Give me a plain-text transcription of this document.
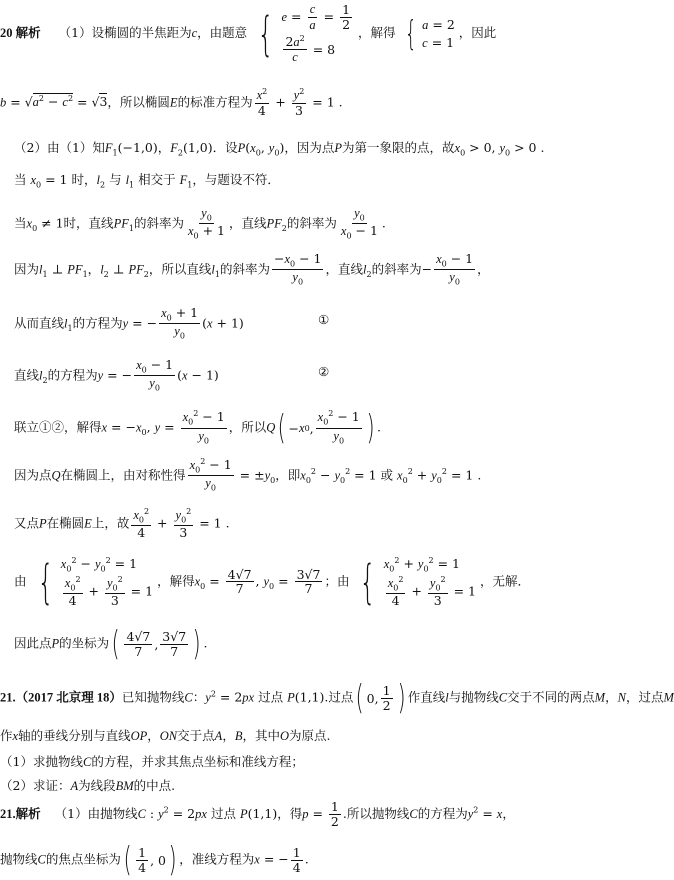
20 解析 （1）设椭圆的半焦距为c，由题意 { $e = \frac{c}{a} = \frac{1}{2}$
$\frac{2a^2}{c} = 8$
，解得 { a = 2
c = 1
，因此
$b = √a^2 - c^2 = √3$，所以椭圆E的标准方程为 $\frac{x^2}{4} + \frac{y^2}{3} = 1$ .
（2）由（1）知$F_1(-1,0)$，$F_2(1,0)$．设$P(x_0$, $y_0$)，因为点P为第一象限的点，故$x_0 > 0$, $y_0 > 0$ .
当 $x_0 = 1$ 时，$l_2$ 与 $l_1$ 相交于 $F_1$，与题设不符．
当$x_0 \ne 1$时，直线$PF_1$的斜率为 $\frac{y_0}{x_0 + 1}$ ，直线$PF_2$的斜率为 $\frac{y_0}{x_0 - 1}$ .
因为$l_1$ ⊥ $PF_1$，$l_2$ ⊥ $PF_2$，所以直线$l_1$的斜率为 $\frac{-x_0 - 1}{y_0}$ ，直线$l_2$的斜率为− $\frac{x_0 - 1}{y_0}$ ，
从而直线$l_1$的方程为y = − $\frac{x_0 + 1}{y_0} (x + 1)$	①
直线$l_2$的方程为y = − $\frac{x_0 - 1}{y_0} (x - 1)$	②
联立①②，解得$x = -x_0$, $y = \frac{x_0^2 - 1}{y_0}$ ，所以Q ( − x 0 , $\frac{x_0^2 - 1}{y_0}$ ) .
因为点Q在椭圆上，由对称性得 $\frac{x_0^2 - 1}{y_0} = \pm y_0$，即$x_0^2 - y_0^2 = 1$ 或 $x_0^2 + y_0^2 = 1$ .
又点P在椭圆E上，故 $\frac{x_0^2}{4} + \frac{y_0^2}{3} = 1$ .
由 { $x_0^2 - y_0^2 = 1$
$\frac{x_0^2}{4} + \frac{y_0^2}{3} = 1$
，解得$x_0 = \frac{4√7}{7}$ , $y_0 = \frac{3√7}{7}$ ；由 { $x_0^2 + y_0^2 = 1$
$\frac{x_0^2}{4} + \frac{y_0^2}{3} = 1$
，无解．
因此点P的坐标为 ( $\frac{4√7}{7}$ , $\frac{3√7}{7}$ ) .
21.（2017 北京理 18）已知抛物线C：$y^2 = 2px$ 过点 P(1,1).过点 ( 0, $\frac{1}{2}$ ) 作直线l与抛物线C交于不同的两点M，N，过点M
作x轴的垂线分别与直线OP，ON交于点A，B，其中O为原点.
（1）求抛物线C的方程，并求其焦点坐标和准线方程；
（2）求证：A为线段BM的中点.
21.解析 （1）由抛物线C : $y^2 = 2px$ 过点 P(1,1)，得$p = \frac{1}{2}$ .所以抛物线C的方程为$y^2 = x$，
抛物线C的焦点坐标为 ( $\frac{1}{4}$ , 0 ) ，准线方程为x = − $\frac{1}{4}$ .
